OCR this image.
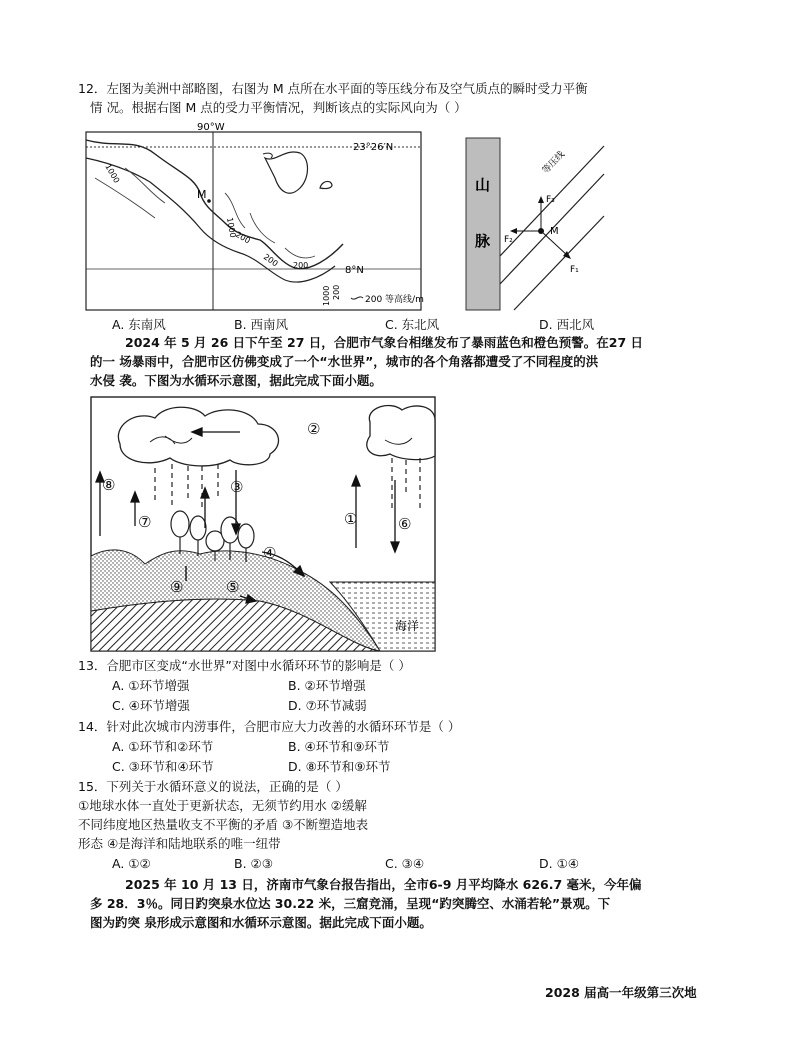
12．左图为美洲中部略图，右图为 M 点所在水平面的等压线分布及空气质点的瞬时受力平衡
情 况。根据右图 M 点的受力平衡情况，判断该点的实际风向为（ ）
90°W
23°26′N
8°N
M
1000
1000
200
200 200
1000 200	200 等高线/m
山
脉
等压线
F₃
F₂
F₁
M
A. 东南风	B. 西南风	C. 东北风	D. 西北风
2024 年 5 月 26 日下午至 27 日，合肥市气象台相继发布了暴雨蓝色和橙色预警。在27 日
的一 场暴雨中，合肥市区仿佛变成了一个“水世界”，城市的各个角落都遭受了不同程度的洪
水侵 袭。下图为水循环示意图，据此完成下面小题。
海洋
②
③
④
⑤
⑨
⑧
⑦	①	⑥
13．合肥市区变成“水世界”对图中水循环环节的影响是（ ）
A. ①环节增强	B. ②环节增强
C. ④环节增强	D. ⑦环节减弱
14．针对此次城市内涝事件，合肥市应大力改善的水循环环节是（ ）
A. ①环节和②环节	B. ④环节和⑨环节
C. ③环节和④环节	D. ⑧环节和⑨环节
15．下列关于水循环意义的说法，正确的是（ ）
①地球水体一直处于更新状态，无须节约用水 ②缓解
不同纬度地区热量收支不平衡的矛盾 ③不断塑造地表
形态 ④是海洋和陆地联系的唯一纽带
A. ①②	B. ②③	C. ③④	D. ①④
2025 年 10 月 13 日，济南市气象台报告指出，全市6-9 月平均降水 626.7 毫米，今年偏
多 28．3％。同日趵突泉水位达 30.22 米，三窟竞涌，呈现“趵突腾空、水涌若轮”景观。下
图为趵突 泉形成示意图和水循环示意图。据此完成下面小题。
2028 届高一年级第三次地
